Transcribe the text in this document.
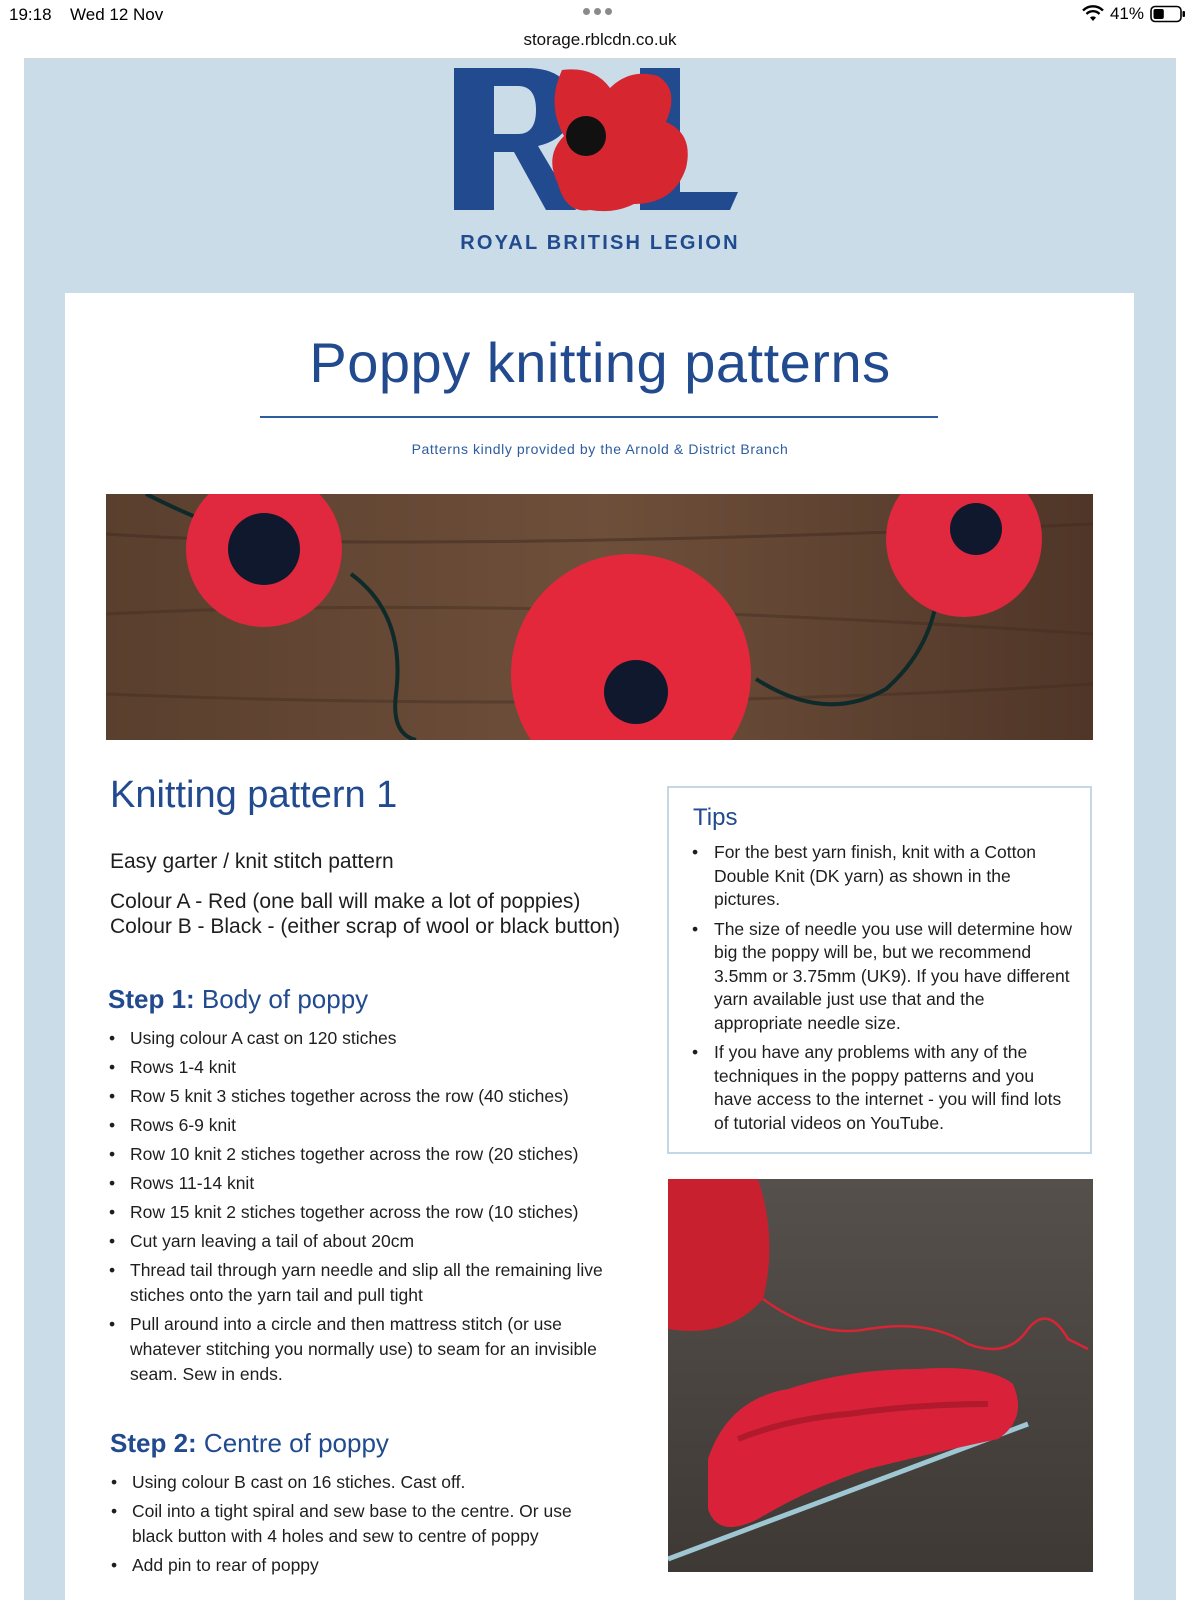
19:18 Wed 12 Nov
storage.rblcdn.co.uk
41%
ROYAL BRITISH LEGION
Poppy knitting patterns
Patterns kindly provided by the Arnold & District Branch
Knitting pattern 1
Easy garter / knit stitch pattern
Colour A - Red (one ball will make a lot of poppies)
Colour B - Black - (either scrap of wool or black button)
Step 1: Body of poppy
• Using colour A cast on 120 stiches
• Rows 1-4 knit
• Row 5 knit 3 stiches together across the row (40 stiches)
• Rows 6-9 knit
• Row 10 knit 2 stiches together across the row (20 stiches)
• Rows 11-14 knit
• Row 15 knit 2 stiches together across the row (10 stiches)
• Cut yarn leaving a tail of about 20cm
• Thread tail through yarn needle and slip all the remaining live stiches onto the yarn tail and pull tight
• Pull around into a circle and then mattress stitch (or use whatever stitching you normally use) to seam for an invisible seam. Sew in ends.
Step 2: Centre of poppy
• Using colour B cast on 16 stiches. Cast off.
• Coil into a tight spiral and sew base to the centre. Or use black button with 4 holes and sew to centre of poppy
• Add pin to rear of poppy
Tips
• For the best yarn finish, knit with a Cotton Double Knit (DK yarn) as shown in the pictures.
• The size of needle you use will determine how big the poppy will be, but we recommend 3.5mm or 3.75mm (UK9). If you have different yarn available just use that and the appropriate needle size.
• If you have any problems with any of the techniques in the poppy patterns and you have access to the internet - you will find lots of tutorial videos on YouTube.
